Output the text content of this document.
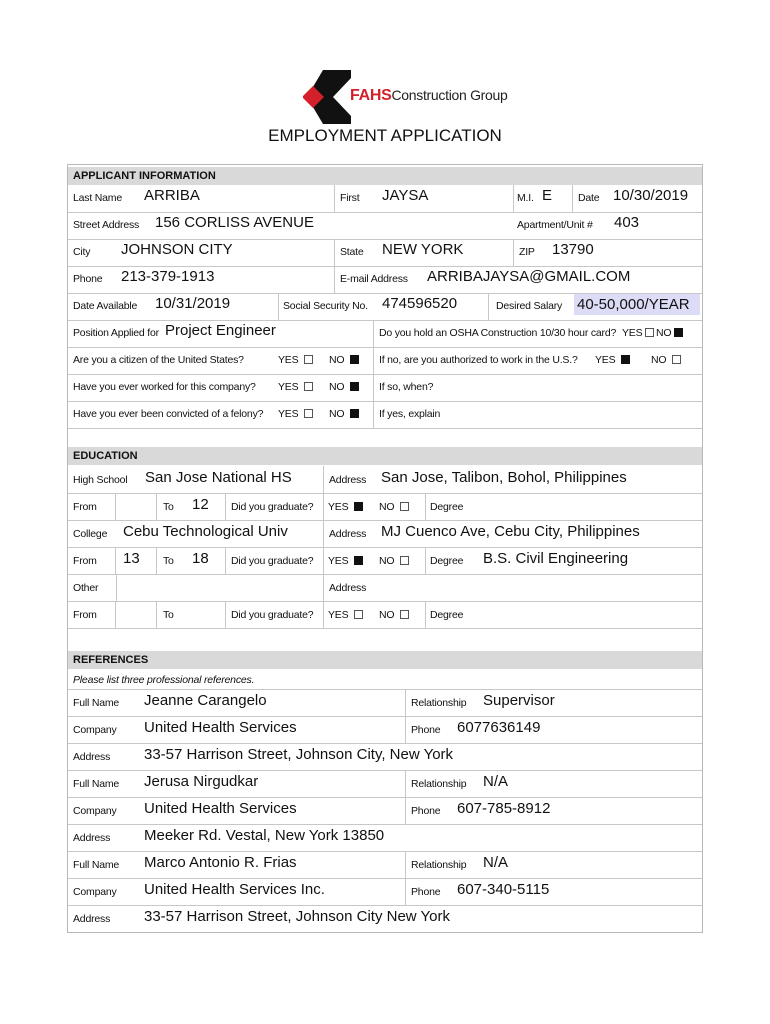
FAHSConstruction Group
EMPLOYMENT APPLICATION
APPLICANT INFORMATION
Last Name ARRIBA	First JAYSA	M.I. E Date 10/30/2019
Street Address 156 CORLISS AVENUE	Apartment/Unit # 403
City JOHNSON CITY	State NEW YORK	ZIP 13790
Phone 213-379-1913	E-mail Address ARRIBAJAYSA@GMAIL.COM
Date Available 10/31/2019	Social Security No. 474596520	Desired Salary 40-50,000/YEAR
Position Applied for Project Engineer	Do you hold an OSHA Construction 10/30 hour card? YES	NO
Are you a citizen of the United States?	YES	NO	If no, are you authorized to work in the U.S.? YES	NO
Have you ever worked for this company? YES	NO	If so, when?
Have you ever been convicted of a felony? YES	NO	If yes, explain
EDUCATION
High School San Jose National HS	Address San Jose, Talibon, Bohol, Philippines
From	To 12 Did you graduate? YES	NO	Degree
College Cebu Technological Univ	Address MJ Cuenco Ave, Cebu City, Philippines
From 13 To 18 Did you graduate? YES	NO	Degree B.S. Civil Engineering
Other	Address
From	To	Did you graduate? YES	NO	Degree
REFERENCES
Please list three professional references.
Full Name Jeanne Carangelo	Relationship Supervisor
Company United Health Services	Phone 6077636149
Address 33-57 Harrison Street, Johnson City, New York
Full Name Jerusa Nirgudkar	Relationship N/A
Company United Health Services	Phone 607-785-8912
Address Meeker Rd. Vestal, New York 13850
Full Name Marco Antonio R. Frias	Relationship N/A
Company United Health Services Inc.	Phone 607-340-5115
Address 33-57 Harrison Street, Johnson City New York
